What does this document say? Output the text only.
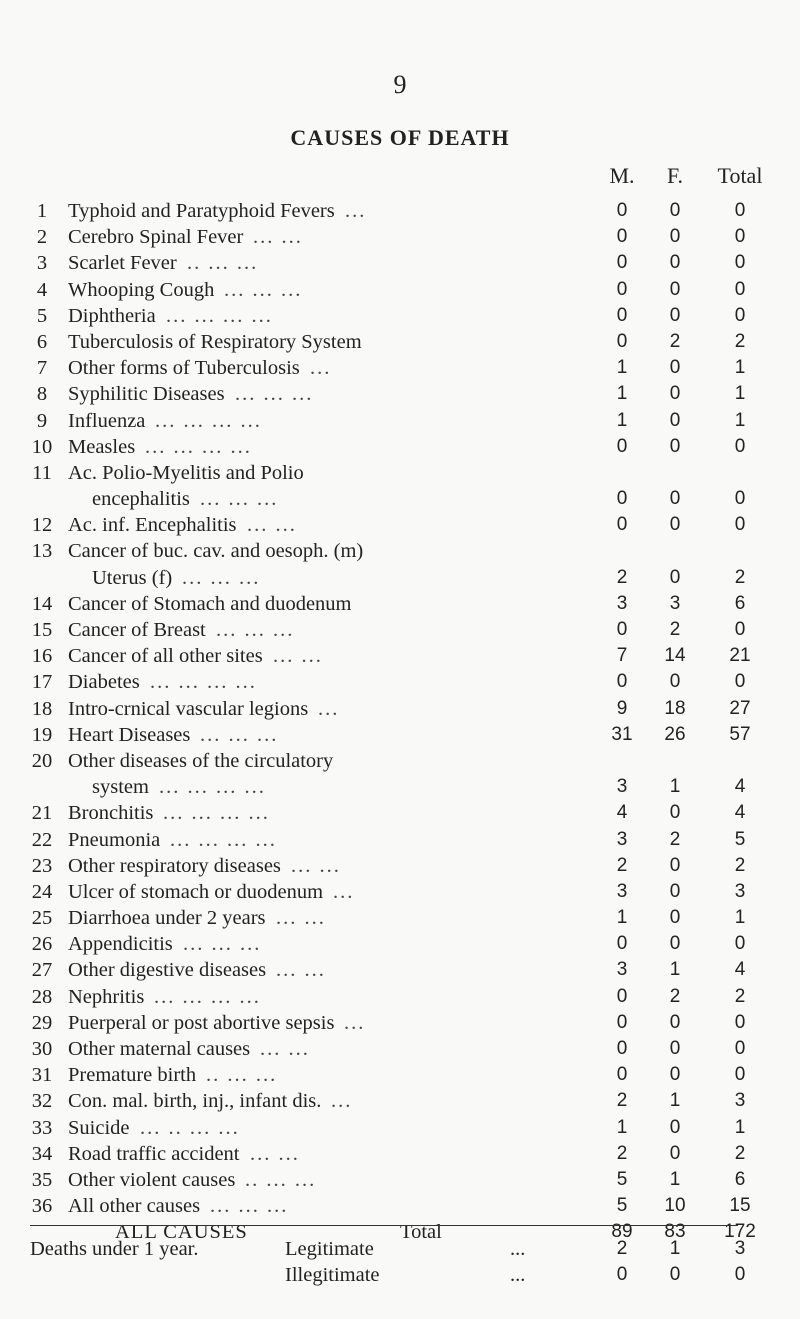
9
CAUSES OF DEATH
M.	F.	Total
1	Typhoid and Paratyphoid Fevers ...	0	0	0
2	Cerebro Spinal Fever ... ...	0	0	0
3	Scarlet Fever .. ... ...	0	0	0
4	Whooping Cough ... ... ...	0	0	0
5	Diphtheria ... ... ... ...	0	0	0
6	Tuberculosis of Respiratory System	0	2	2
7	Other forms of Tuberculosis ...	1	0	1
8	Syphilitic Diseases ... ... ...	1	0	1
9	Influenza ... ... ... ...	1	0	1
10 Measles ... ... ... ...	0	0	0
11 Ac. Polio-Myelitis and Polio
encephalitis ... ... ...	0	0	0
12 Ac. inf. Encephalitis ... ...	0	0	0
13 Cancer of buc. cav. and oesoph. (m)
Uterus (f) ... ... ...	2	0	2
14 Cancer of Stomach and duodenum	3	3	6
15 Cancer of Breast ... ... ...	0	2	0
16 Cancer of all other sites ... ...	7	14	21
17 Diabetes ... ... ... ...	0	0	0
18 Intro-crnical vascular legions ...	9	18	27
19 Heart Diseases ... ... ...	31	26	57
20 Other diseases of the circulatory
system ... ... ... ...	3	1	4
21 Bronchitis ... ... ... ...	4	0	4
22 Pneumonia ... ... ... ...	3	2	5
23 Other respiratory diseases ... ...	2	0	2
24 Ulcer of stomach or duodenum ...	3	0	3
25 Diarrhoea under 2 years ... ...	1	0	1
26 Appendicitis ... ... ...	0	0	0
27 Other digestive diseases ... ...	3	1	4
28 Nephritis ... ... ... ...	0	2	2
29 Puerperal or post abortive sepsis ...	0	0	0
30 Other maternal causes ... ...	0	0	0
31 Premature birth .. ... ...	0	0	0
32 Con. mal. birth, inj., infant dis. ...	2	1	3
33 Suicide ... .. ... ...	1	0	1
34 Road traffic accident ... ...	2	0	2
35 Other violent causes .. ... ...	5	1	6
36 All other causes ... ... ...	5	10	15
ALL CAUSES	Total	89	83	172
Deaths under 1 year.	Legitimate	...	2	1	3
Illegitimate	...	0	0	0
